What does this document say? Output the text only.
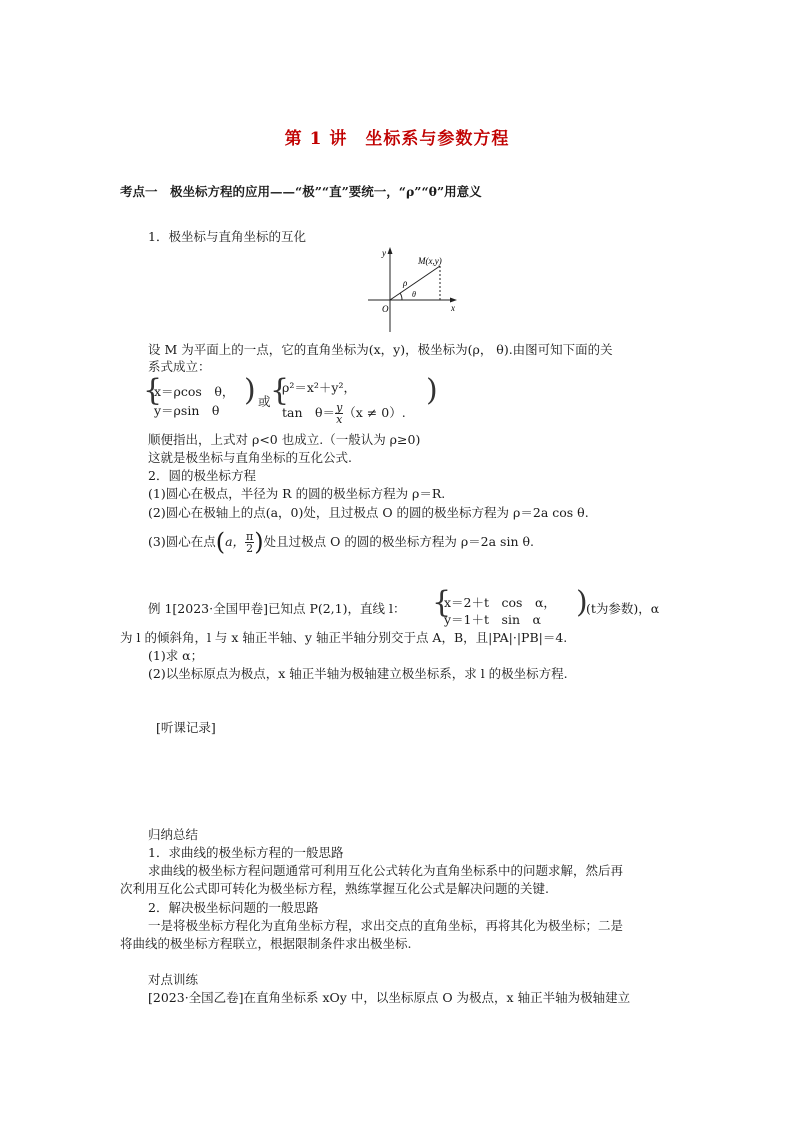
第 1 讲　坐标系与参数方程
考点一　极坐标方程的应用——“极”“直”要统一，“ρ”“θ”用意义
1．极坐标与直角坐标的互化
y
x
O
M(x,y)
ρ
θ
设 M 为平面上的一点，它的直角坐标为(x，y)，极坐标为(ρ， θ).由图可知下面的关
系式成立：
{
x＝ρcos　θ，
y＝ρsin　θ
或
) {
ρ²＝x²＋y²，
tan　$\theta= \frac{y}{x} (x \ne 0)$.
)
顺便指出，上式对 ρ<0 也成立.（一般认为 ρ≥0)
这就是极坐标与直角坐标的互化公式.
2．圆的极坐标方程
(1)圆心在极点，半径为 R 的圆的极坐标方程为 ρ＝R.
(2)圆心在极轴上的点(a，0)处，且过极点 O 的圆的极坐标方程为 ρ＝2a cos θ.
(3)圆心在点(a， $\frac{\pi}{2}$ )处且过极点 O 的圆的极坐标方程为 ρ＝2a sin θ.
例 1[2023·全国甲卷]已知点 P(2,1)，直线 l： {
x＝2＋t　cos　α，
y＝1＋t　sin　α )
(t为参数)，α
为 l 的倾斜角，l 与 x 轴正半轴、y 轴正半轴分别交于点 A，B，且|PA|·|PB|＝4.
(1)求 α；
(2)以坐标原点为极点，x 轴正半轴为极轴建立极坐标系，求 l 的极坐标方程.
[听课记录]
归纳总结
1．求曲线的极坐标方程的一般思路
求曲线的极坐标方程问题通常可利用互化公式转化为直角坐标系中的问题求解，然后再
次利用互化公式即可转化为极坐标方程，熟练掌握互化公式是解决问题的关键.
2．解决极坐标问题的一般思路
一是将极坐标方程化为直角坐标方程，求出交点的直角坐标，再将其化为极坐标；二是
将曲线的极坐标方程联立，根据限制条件求出极坐标.
对点训练
[2023·全国乙卷]在直角坐标系 xOy 中，以坐标原点 O 为极点，x 轴正半轴为极轴建立
